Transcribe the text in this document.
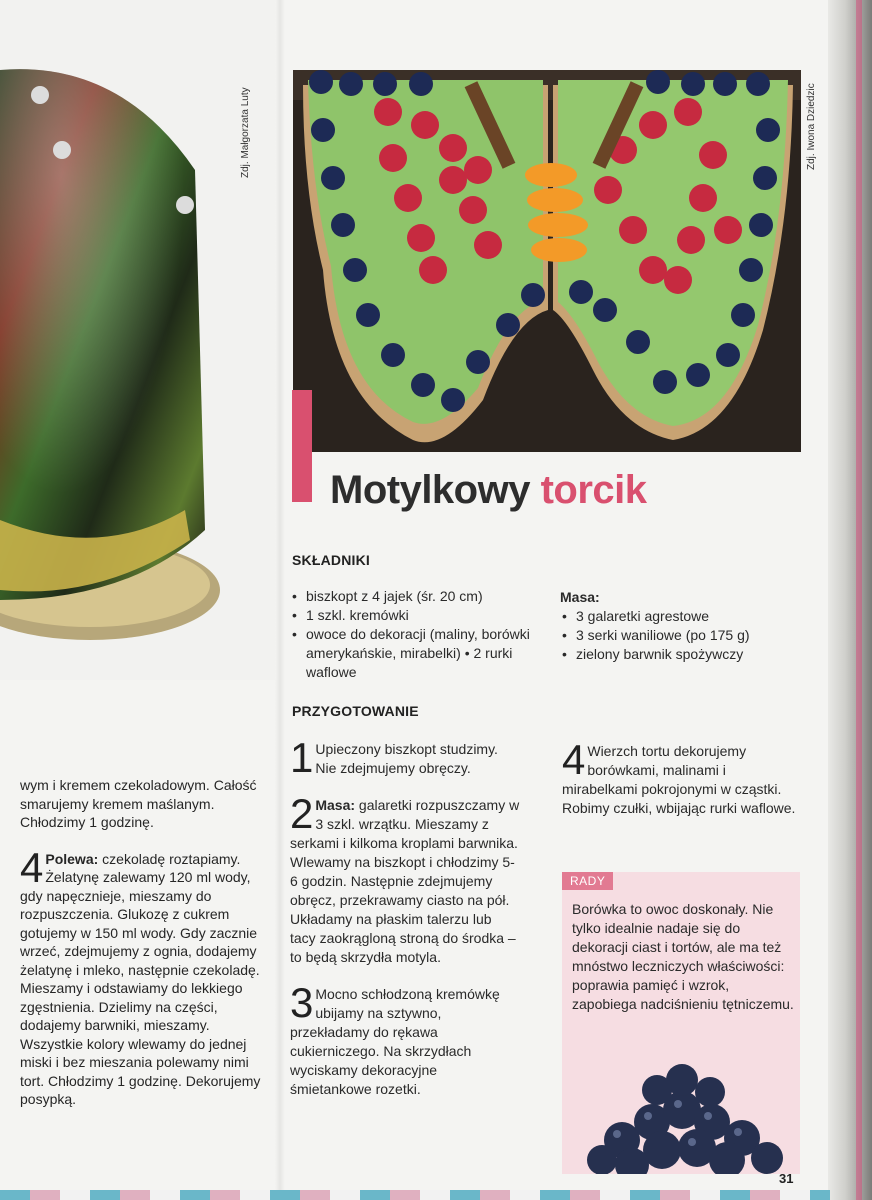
Zdj. Małgorzata Luty

wym i kremem czekoladowym. Całość smarujemy kremem maślanym. Chłodzimy 1 godzinę.

4 Polewa: czekoladę roztapiamy. Żelatynę zalewamy 120 ml wody, gdy napęcznieje, mieszamy do rozpuszczenia. Glukozę z cukrem gotujemy w 150 ml wody. Gdy zacznie wrzeć, zdejmujemy z ognia, dodajemy żelatynę i mleko, następnie czekoladę. Mieszamy i odstawiamy do lekkiego zgęstnienia. Dzielimy na części, dodajemy barwniki, mieszamy. Wszystkie kolory wlewamy do jednej miski i bez mieszania polewamy nimi tort. Chłodzimy 1 godzinę. Dekorujemy posypką.
Zdj. Iwona Dziedzic
Motylkowy torcik
SKŁADNIKI
• biszkopt z 4 jajek (śr. 20 cm)
• 1 szkl. kremówki
• owoce do dekoracji (maliny, borówki amerykańskie, mirabelki) • 2 rurki waflowe
Masa:
• 3 galaretki agrestowe
• 3 serki waniliowe (po 175 g)
• zielony barwnik spożywczy
PRZYGOTOWANIE
1 Upieczony biszkopt studzimy. Nie zdejmujemy obręczy.
2 Masa: galaretki rozpuszczamy w 3 szkl. wrzątku. Mieszamy z serkami i kilkoma kroplami barwnika. Wlewamy na biszkopt i chłodzimy 5-6 godzin. Następnie zdejmujemy obręcz, przekrawamy ciasto na pół. Układamy na płaskim talerzu lub tacy zaokrągloną stroną do środka – to będą skrzydła motyla.
3 Mocno schłodzoną kremówkę ubijamy na sztywno, przekładamy do rękawa cukierniczego. Na skrzydłach wyciskamy dekoracyjne śmietankowe rozetki.
4 Wierzch tortu dekorujemy borówkami, malinami i mirabelkami pokrojonymi w cząstki. Robimy czułki, wbijając rurki waflowe.
RADY
Borówka to owoc doskonały. Nie tylko idealnie nadaje się do dekoracji ciast i tortów, ale ma też mnóstwo leczniczych właściwości: poprawia pamięć i wzrok, zapobiega nadciśnieniu tętniczemu.
31
